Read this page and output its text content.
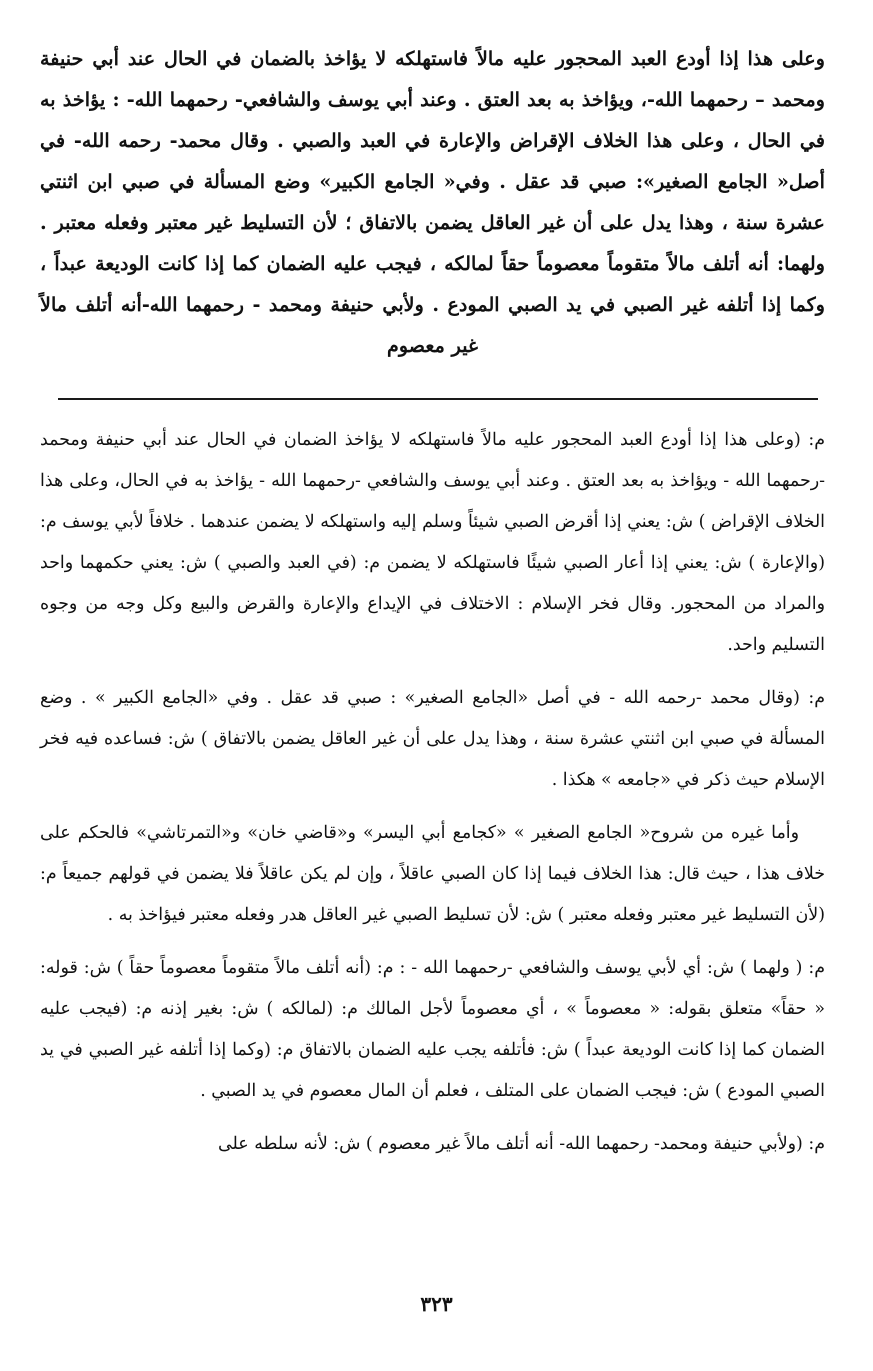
وعلى هذا إذا أودع العبد المحجور عليه مالاً فاستهلكه لا يؤاخذ بالضمان في الحال عند أبي حنيفة ومحمد – رحمهما الله-، ويؤاخذ به بعد العتق . وعند أبي يوسف والشافعي- رحمهما الله- : يؤاخذ به في الحال ، وعلى هذا الخلاف الإقراض والإعارة في العبد والصبي . وقال محمد- رحمه الله- في أصل« الجامع الصغير»: صبي قد عقل . وفي« الجامع الكبير» وضع المسألة في صبي ابن اثنتي عشرة سنة ، وهذا يدل على أن غير العاقل يضمن بالاتفاق ؛ لأن التسليط غير معتبر وفعله معتبر . ولهما: أنه أتلف مالاً متقوماً معصوماً حقاً لمالكه ، فيجب عليه الضمان كما إذا كانت الوديعة عبداً ، وكما إذا أتلفه غير الصبي في يد الصبي المودع . ولأبي حنيفة ومحمد - رحمهما الله-أنه أتلف مالاً غير معصوم

م: (وعلى هذا إذا أودع العبد المحجور عليه مالاً فاستهلكه لا يؤاخذ الضمان في الحال عند أبي حنيفة ومحمد -رحمهما الله - ويؤاخذ به بعد العتق . وعند أبي يوسف والشافعي -رحمهما الله - يؤاخذ به في الحال، وعلى هذا الخلاف الإقراض ) ش: يعني إذا أقرض الصبي شيئاً وسلم إليه واستهلكه لا يضمن عندهما . خلافاً لأبي يوسف م: (والإعارة ) ش: يعني إذا أعار الصبي شيئًا فاستهلكه لا يضمن م: (في العبد والصبي ) ش: يعني حكمهما واحد والمراد من المحجور. وقال فخر الإسلام : الاختلاف في الإيداع والإعارة والقرض والبيع وكل وجه من وجوه التسليم واحد.

م: (وقال محمد -رحمه الله - في أصل «الجامع الصغير» : صبي قد عقل . وفي «الجامع الكبير » . وضع المسألة في صبي ابن اثنتي عشرة سنة ، وهذا يدل على أن غير العاقل يضمن بالاتفاق ) ش: فساعده فيه فخر الإسلام حيث ذكر في «جامعه » هكذا .

وأما غيره من شروح« الجامع الصغير » «كجامع أبي اليسر» و«قاضي خان» و«التمرتاشي» فالحكم على خلاف هذا ، حيث قال: هذا الخلاف فيما إذا كان الصبي عاقلاً ، وإن لم يكن عاقلاً فلا يضمن في قولهم جميعاً م: (لأن التسليط غير معتبر وفعله معتبر ) ش: لأن تسليط الصبي غير العاقل هدر وفعله معتبر فيؤاخذ به .

م: ( ولهما ) ش: أي لأبي يوسف والشافعي -رحمهما الله - : م: (أنه أتلف مالاً متقوماً معصوماً حقاً ) ش: قوله: « حقاً» متعلق بقوله: « معصوماً » ، أي معصوماً لأجل المالك م: (لمالكه ) ش: بغير إذنه م: (فيجب عليه الضمان كما إذا كانت الوديعة عبداً ) ش: فأتلفه يجب عليه الضمان بالاتفاق م: (وكما إذا أتلفه غير الصبي في يد الصبي المودع ) ش: فيجب الضمان على المتلف ، فعلم أن المال معصوم في يد الصبي .

م: (ولأبي حنيفة ومحمد- رحمهما الله- أنه أتلف مالاً غير معصوم ) ش: لأنه سلطه على

٣٢٣
